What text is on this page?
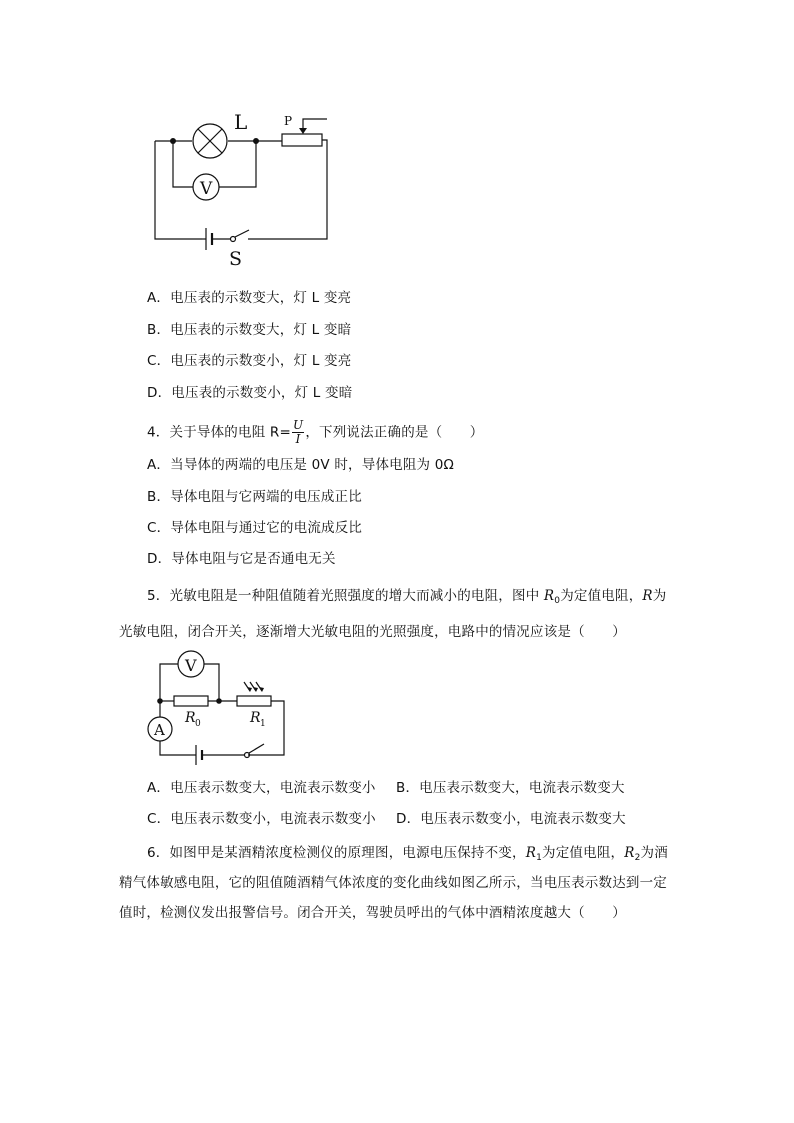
L	P
V
S
A．电压表的示数变大，灯 L 变亮
B．电压表的示数变大，灯 L 变暗
C．电压表的示数变小，灯 L 变亮
D．电压表的示数变小，灯 L 变暗
4．关于导体的电阻 $R= \frac{U}{I}$ ，下列说法正确的是（　　）
A．当导体的两端的电压是 0V 时，导体电阻为 0Ω
B．导体电阻与它两端的电压成正比
C．导体电阻与通过它的电流成反比
D．导体电阻与它是否通电无关
5．光敏电阻是一种阻值随着光照强度的增大而减小的电阻，图中 $R_0$为定值电阻，R为
光敏电阻，闭合开关，逐渐增大光敏电阻的光照强度，电路中的情况应该是（　　）
V
A
R 0	R 1
A．电压表示数变大，电流表示数变小 B．电压表示数变大，电流表示数变大
C．电压表示数变小，电流表示数变小 D．电压表示数变小，电流表示数变大
6．如图甲是某酒精浓度检测仪的原理图，电源电压保持不变，$R_1$为定值电阻，$R_2$为酒
精气体敏感电阻，它的阻值随酒精气体浓度的变化曲线如图乙所示，当电压表示数达到一定
值时，检测仪发出报警信号。闭合开关，驾驶员呼出的气体中酒精浓度越大（　　）
